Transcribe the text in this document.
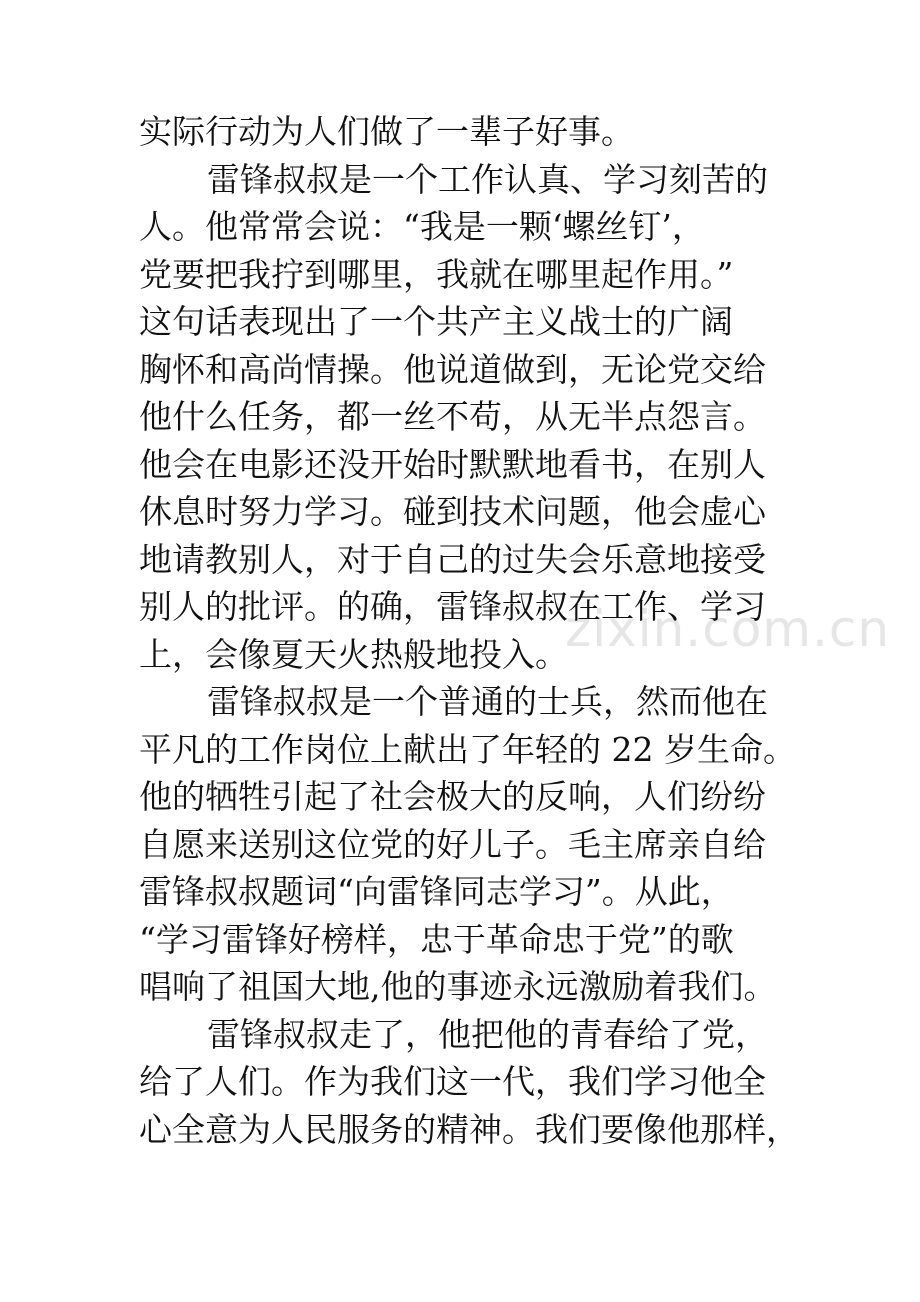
zixin.com.cn
实际行动为人们做了一辈子好事。
雷锋叔叔是一个工作认真、学习刻苦的
人。他常常会说：“我是一颗‘螺丝钉’，
党要把我拧到哪里，我就在哪里起作用。”
这句话表现出了一个共产主义战士的广阔
胸怀和高尚情操。他说道做到，无论党交给
他什么任务，都一丝不苟，从无半点怨言。
他会在电影还没开始时默默地看书，在别人
休息时努力学习。碰到技术问题，他会虚心
地请教别人，对于自己的过失会乐意地接受
别人的批评。的确，雷锋叔叔在工作、学习
上，会像夏天火热般地投入。
雷锋叔叔是一个普通的士兵，然而他在
平凡的工作岗位上献出了年轻的 22 岁生命。
他的牺牲引起了社会极大的反响，人们纷纷
自愿来送别这位党的好儿子。毛主席亲自给
雷锋叔叔题词“向雷锋同志学习”。从此，
“学习雷锋好榜样，忠于革命忠于党”的歌
唱响了祖国大地,他的事迹永远激励着我们。
雷锋叔叔走了，他把他的青春给了党，
给了人们。作为我们这一代，我们学习他全
心全意为人民服务的精神。我们要像他那样，
